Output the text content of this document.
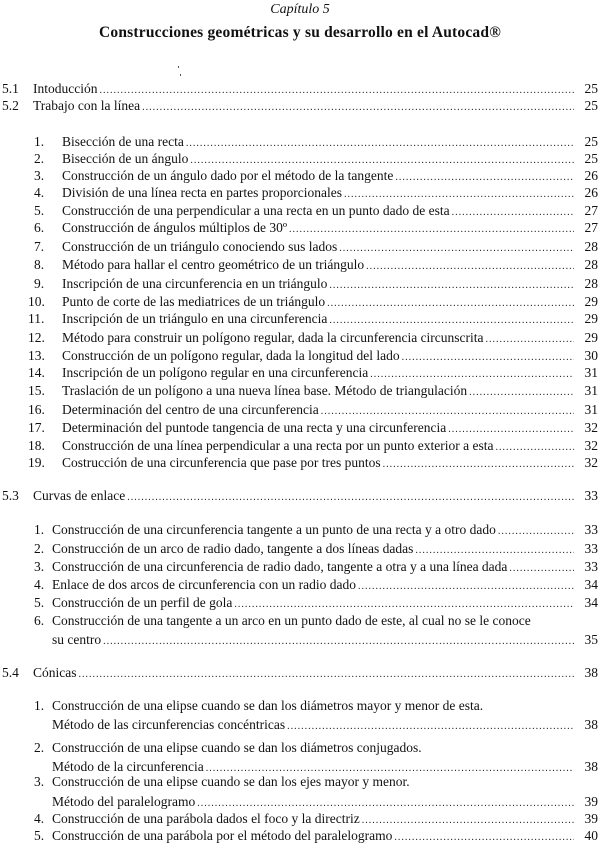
Capítulo 5
Construcciones geométricas y su desarrollo en el Autocad®
5.1 Intoducción .....	25
5.2 Trabajo con la línea .....	25
1. Bisección de una recta .....	25
2. Bisección de un ángulo .....	25
3. Construcción de un ángulo dado por el método de la tangente .....	26
4. División de una línea recta en partes proporcionales .....	26
5. Construcción de una perpendicular a una recta en un punto dado de esta .....	27
6. Construcción de ángulos múltiplos de 30º .....	27
7. Construcción de un triángulo conociendo sus lados .....	28
8. Método para hallar el centro geométrico de un triángulo .....	28
9. Inscripción de una circunferencia en un triángulo .....	28
10. Punto de corte de las mediatrices de un triángulo .....	29
11. Inscripción de un triángulo en una circunferencia .....	29
12. Método para construir un polígono regular, dada la circunferencia circunscrita .....	29
13. Construcción de un polígono regular, dada la longitud del lado .....	30
14. Inscripción de un polígono regular en una circunferencia .....	31
15. Traslación de un polígono a una nueva línea base. Método de triangulación .....	31
16. Determinación del centro de una circunferencia .....	31
17. Determinación del puntode tangencia de una recta y una circunferencia .....	32
18. Construcción de una línea perpendicular a una recta por un punto exterior a esta .....	32
19. Costrucción de una circunferencia que pase por tres puntos .....	32
5.3 Curvas de enlace .....	33
1. Construcción de una circunferencia tangente a un punto de una recta y a otro dado .....	33
2. Construcción de un arco de radio dado, tangente a dos líneas dadas .....	33
3. Construcción de una circunferencia de radio dado, tangente a otra y a una línea dada .....	33
4. Enlace de dos arcos de circunferencia con un radio dado .....	34
5. Construcción de un perfil de gola .....	34
6. Construcción de una tangente a un arco en un punto dado de este, al cual no se le conoce
su centro .....	35
5.4 Cónicas .....	38
1. Construcción de una elipse cuando se dan los diámetros mayor y menor de esta.
Método de las circunferencias concéntricas .....	38
2. Construcción de una elipse cuando se dan los diámetros conjugados.
Método de la circunferencia .....	38
3. Construcción de una elipse cuando se dan los ejes mayor y menor.
Método del paralelogramo .....	39
4. Construcción de una parábola dados el foco y la directriz .....	39
5. Construcción de una parábola por el método del paralelogramo .....	40
